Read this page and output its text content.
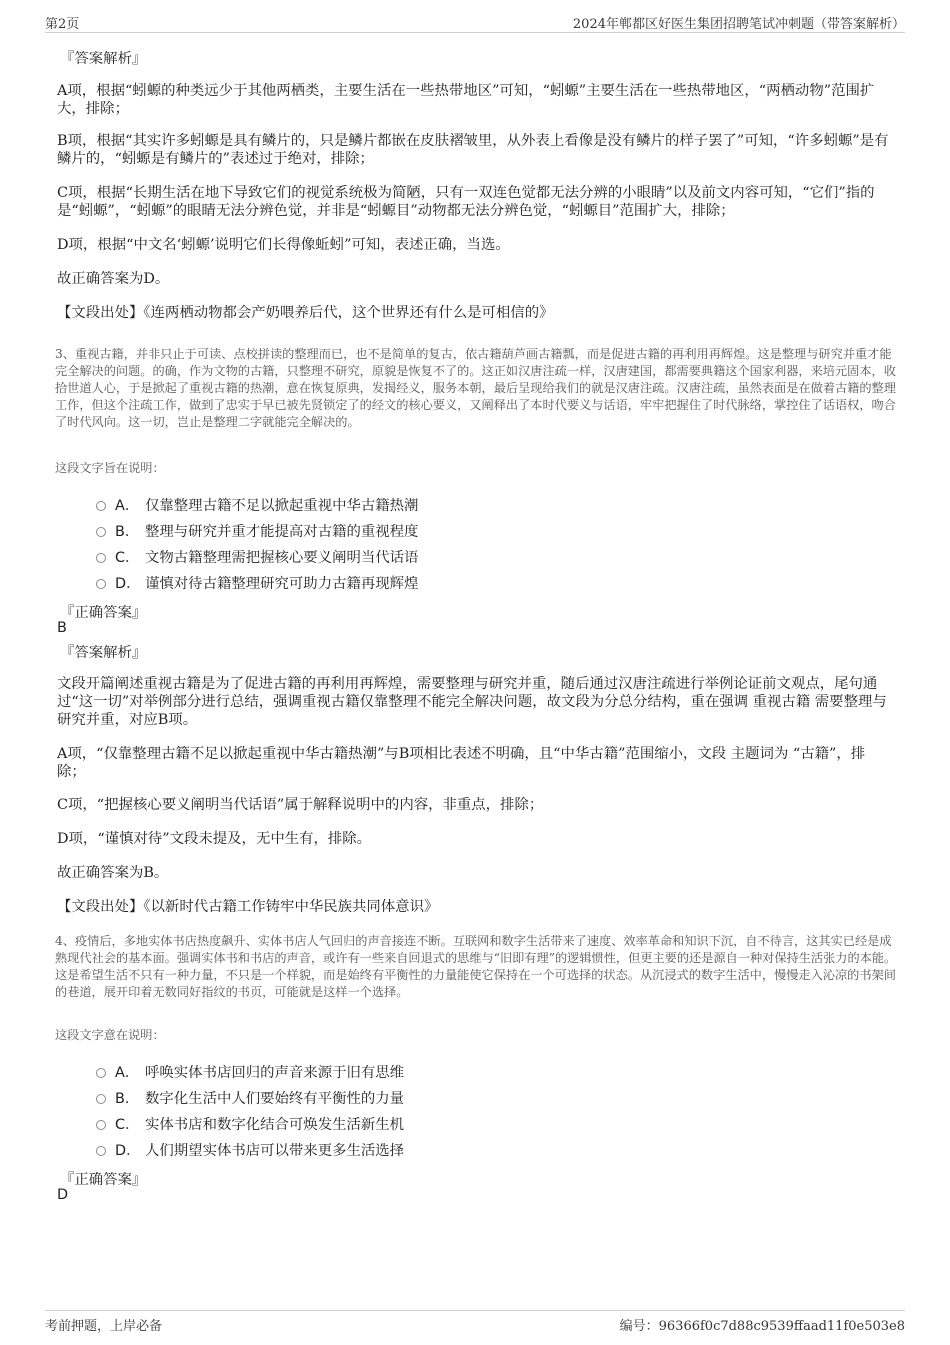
第2页	2024年郸都区好医生集团招聘笔试冲刺题（带答案解析）
『答案解析』

A项，根据“蚓螈的种类远少于其他两栖类，主要生活在一些热带地区”可知，“蚓螈”主要生活在一些热带地区，“两栖动物”范围扩大，排除；

B项，根据“其实许多蚓螈是具有鳞片的，只是鳞片都嵌在皮肤褶皱里，从外表上看像是没有鳞片的样子罢了”可知，“许多蚓螈”是有鳞片的，“蚓螈是有鳞片的”表述过于绝对，排除；

C项，根据“长期生活在地下导致它们的视觉系统极为简陋，只有一双连色觉都无法分辨的小眼睛”以及前文内容可知，“它们”指的是“蚓螈”，“蚓螈”的眼睛无法分辨色觉，并非是“蚓螈目”动物都无法分辨色觉，“蚓螈目”范围扩大，排除；

D项，根据“中文名‘蚓螈’说明它们长得像蚯蚓”可知，表述正确，当选。

故正确答案为D。

【文段出处】《连两栖动物都会产奶喂养后代，这个世界还有什么是可相信的》

3、重视古籍，并非只止于可读、点校拼读的整理而已，也不是简单的复古，依古籍葫芦画古籍瓢，而是促进古籍的再利用再辉煌。这是整理与研究并重才能完全解决的问题。的确，作为文物的古籍，只整理不研究，原貌是恢复不了的。这正如汉唐注疏一样，汉唐建国，都需要典籍这个国家利器，来培元固本，收拾世道人心，于是掀起了重视古籍的热潮，意在恢复原典，发揭经义，服务本朝，最后呈现给我们的就是汉唐注疏。汉唐注疏，虽然表面是在做着古籍的整理工作，但这个注疏工作，做到了忠实于早已被先贤锁定了的经文的核心要义，又阐释出了本时代要义与话语，牢牢把握住了时代脉络，掌控住了话语权，吻合了时代风向。这一切，岂止是整理二字就能完全解决的。

这段文字旨在说明：

A． 仅靠整理古籍不足以掀起重视中华古籍热潮
B． 整理与研究并重才能提高对古籍的重视程度
C． 文物古籍整理需把握核心要义阐明当代话语
D． 谨慎对待古籍整理研究可助力古籍再现辉煌
『正确答案』
B
『答案解析』

文段开篇阐述重视古籍是为了促进古籍的再利用再辉煌，需要整理与研究并重，随后通过汉唐注疏进行举例论证前文观点，尾句通过“这一切”对举例部分进行总结，强调重视古籍仅靠整理不能完全解决问题，故文段为分总分结构，重在强调 重视古籍 需要整理与研究并重，对应B项。

A项，“仅靠整理古籍不足以掀起重视中华古籍热潮”与B项相比表述不明确，且“中华古籍”范围缩小，文段 主题词为 “古籍”，排除；

C项，“把握核心要义阐明当代话语”属于解释说明中的内容，非重点，排除；

D项，“谨慎对待”文段未提及，无中生有，排除。

故正确答案为B。

【文段出处】《以新时代古籍工作铸牢中华民族共同体意识》

4、疫情后，多地实体书店热度飙升、实体书店人气回归的声音接连不断。互联网和数字生活带来了速度、效率革命和知识下沉，自不待言，这其实已经是成熟现代社会的基本面。强调实体书和书店的声音，或许有一些来自回退式的思维与“旧即有理”的逻辑惯性，但更主要的还是源自一种对保持生活张力的本能。这是希望生活不只有一种力量，不只是一个样貌，而是始终有平衡性的力量能使它保持在一个可选择的状态。从沉浸式的数字生活中，慢慢走入沁凉的书架间的巷道，展开印着无数同好指纹的书页，可能就是这样一个选择。

这段文字意在说明：

A． 呼唤实体书店回归的声音来源于旧有思维
B． 数字化生活中人们要始终有平衡性的力量
C． 实体书店和数字化结合可焕发生活新生机
D． 人们期望实体书店可以带来更多生活选择
『正确答案』
D
考前押题，上岸必备	编号：96366f0c7d88c9539ffaad11f0e503e8
